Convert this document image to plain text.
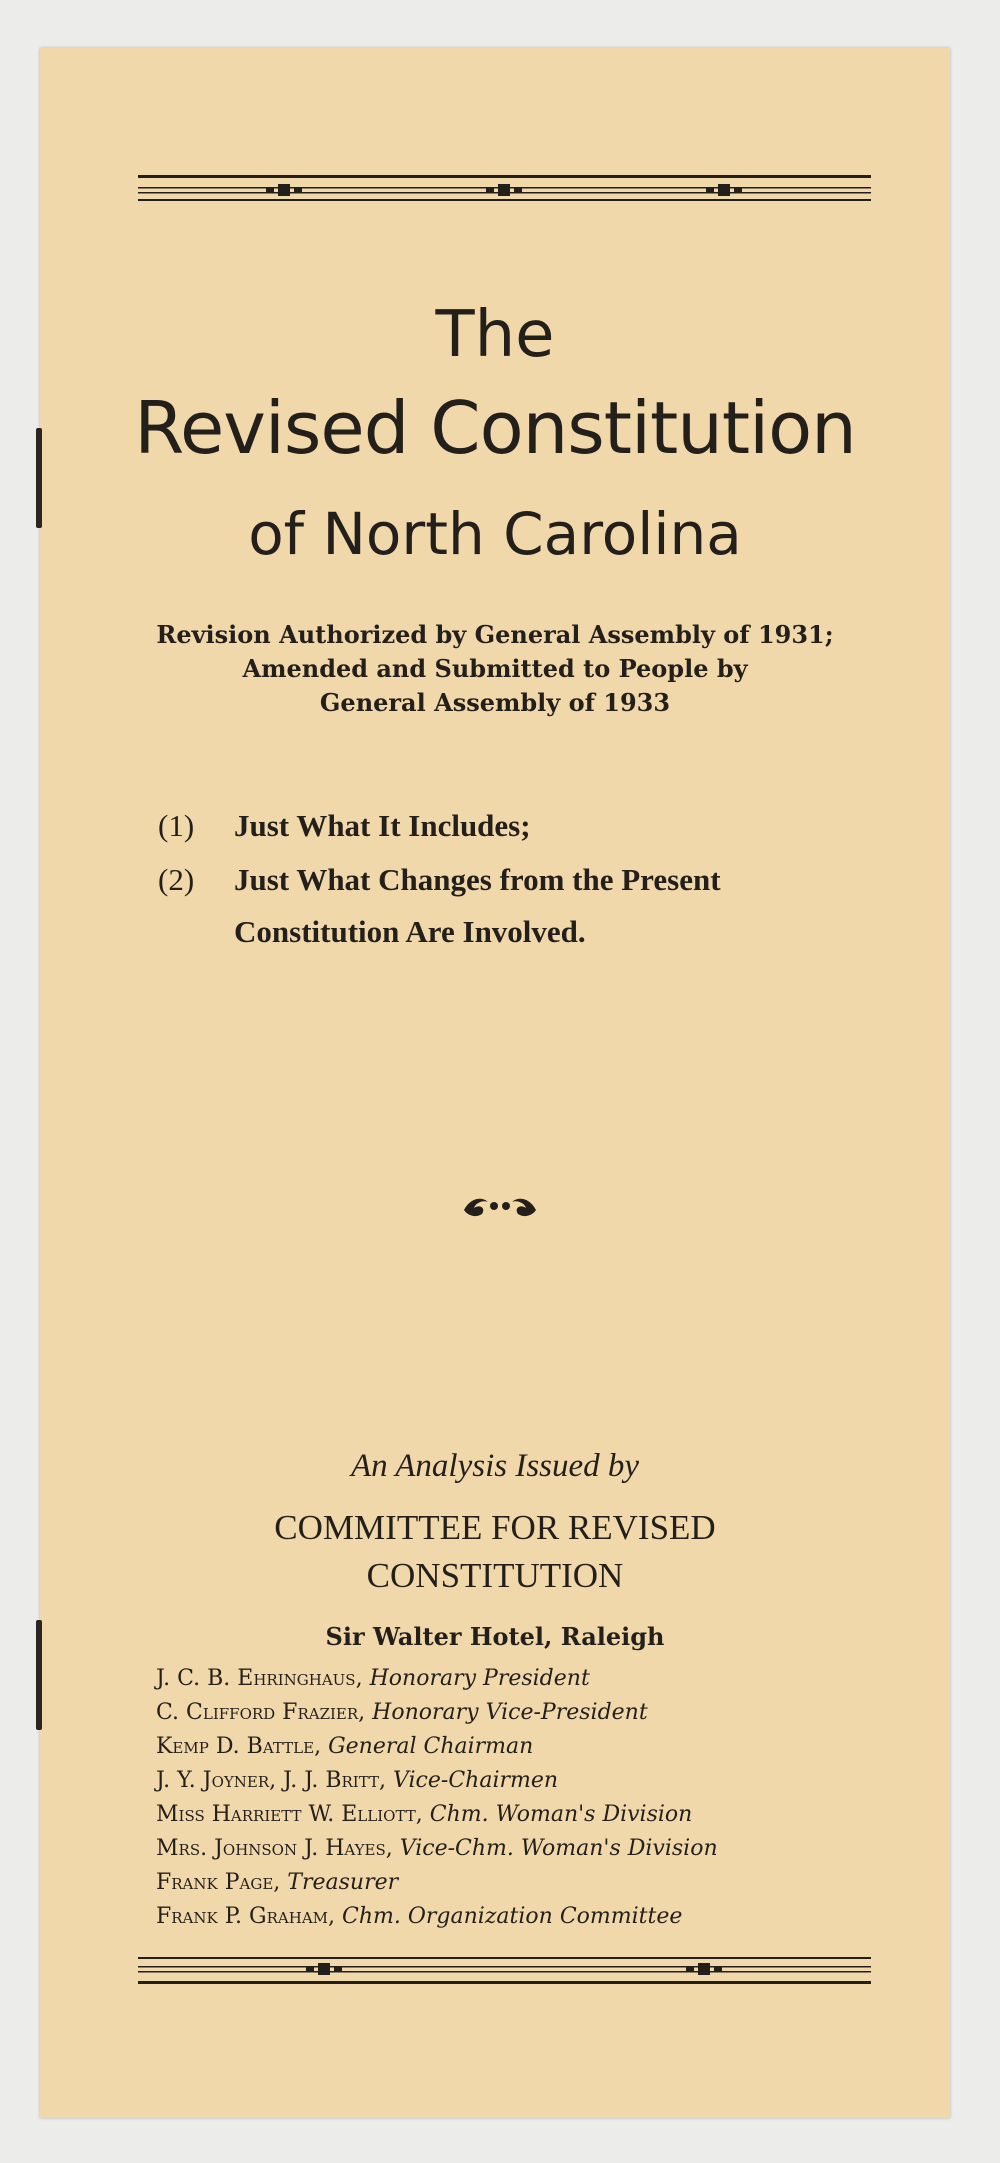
The
Revised Constitution
of North Carolina
Revision Authorized by General Assembly of 1931;
Amended and Submitted to People by
General Assembly of 1933
(1) Just What It Includes;
(2) Just What Changes from the Present
Constitution Are Involved.
An Analysis Issued by
COMMITTEE FOR REVISED
CONSTITUTION
Sir Walter Hotel, Raleigh
J. C. B. Ehringhaus, Honorary President
C. Clifford Frazier, Honorary Vice-President
Kemp D. Battle, General Chairman
J. Y. Joyner, J. J. Britt, Vice-Chairmen
Miss Harriett W. Elliott, Chm. Woman's Division
Mrs. Johnson J. Hayes, Vice-Chm. Woman's Division
Frank Page, Treasurer
Frank P. Graham, Chm. Organization Committee
